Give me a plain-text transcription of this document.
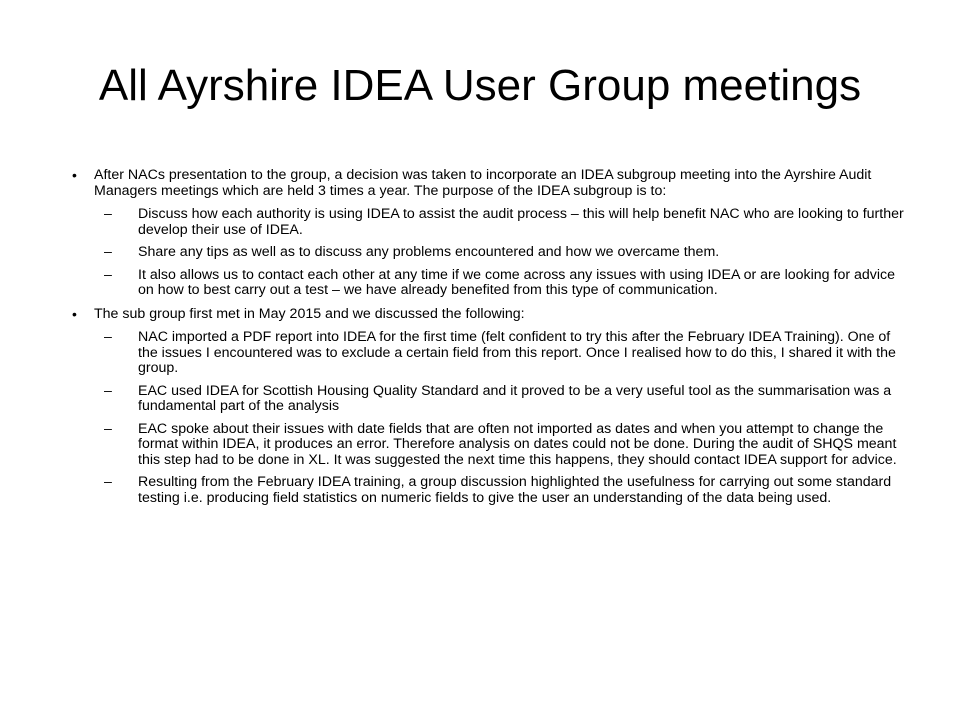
All Ayrshire IDEA User Group meetings
•	After NACs presentation to the group, a decision was taken to incorporate an IDEA subgroup meeting into the Ayrshire Audit Managers meetings which are held 3 times a year. The purpose of the IDEA subgroup is to:
–	Discuss how each authority is using IDEA to assist the audit process – this will help benefit NAC who are looking to further develop their use of IDEA.
–	Share any tips as well as to discuss any problems encountered and how we overcame them.
–	It also allows us to contact each other at any time if we come across any issues with using IDEA or are looking for advice on how to best carry out a test – we have already benefited from this type of communication.
•	The sub group first met in May 2015 and we discussed the following:
–	NAC imported a PDF report into IDEA for the first time (felt confident to try this after the February IDEA Training). One of the issues I encountered was to exclude a certain field from this report. Once I realised how to do this, I shared it with the group.
–	EAC used IDEA for Scottish Housing Quality Standard and it proved to be a very useful tool as the summarisation was a fundamental part of the analysis
–	EAC spoke about their issues with date fields that are often not imported as dates and when you attempt to change the format within IDEA, it produces an error. Therefore analysis on dates could not be done. During the audit of SHQS meant this step had to be done in XL. It was suggested the next time this happens, they should contact IDEA support for advice.
–	Resulting from the February IDEA training, a group discussion highlighted the usefulness for carrying out some standard testing i.e. producing field statistics on numeric fields to give the user an understanding of the data being used.
